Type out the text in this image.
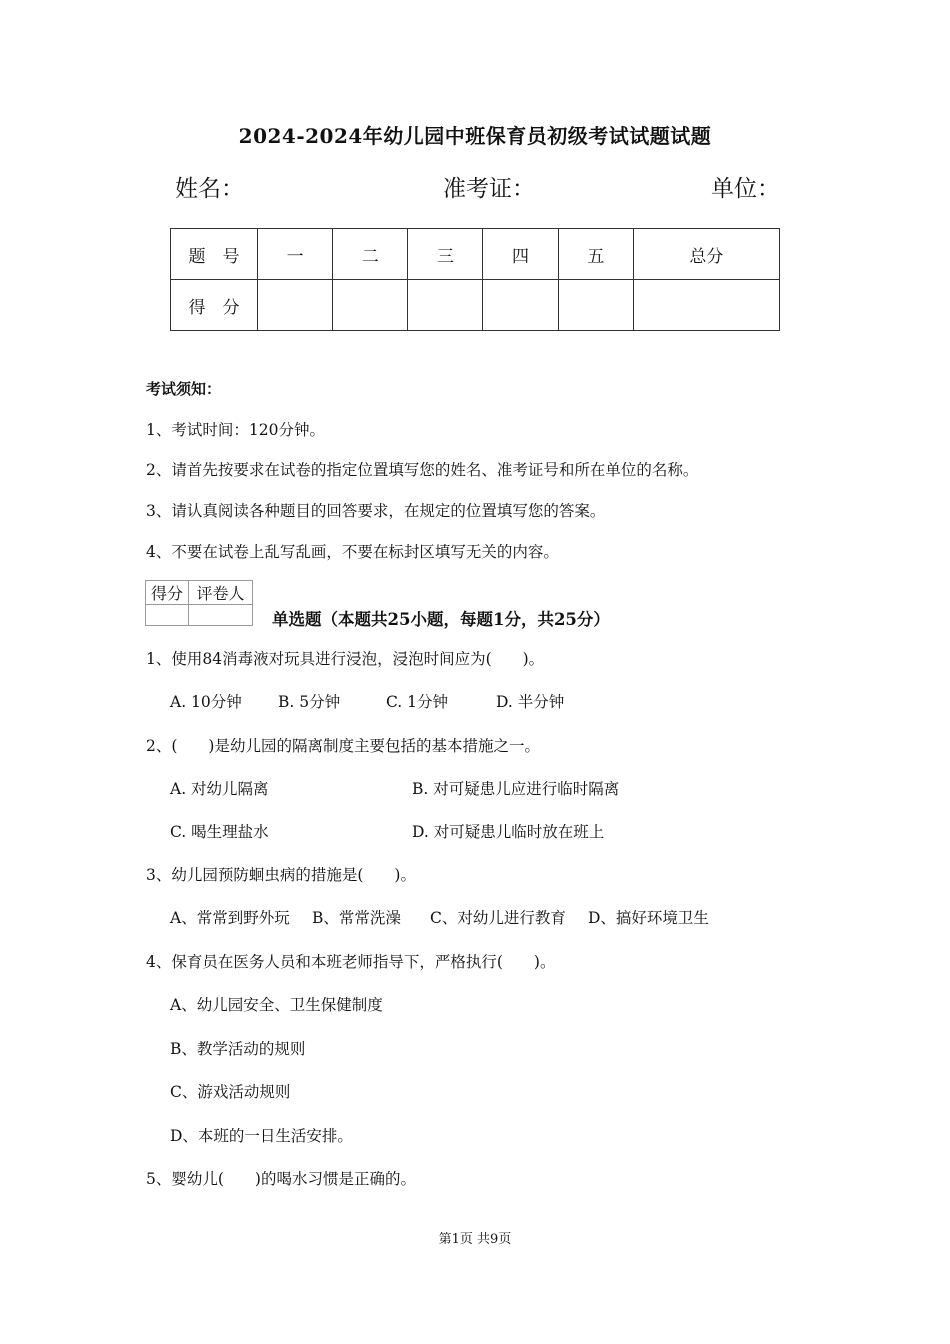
2024-2024年幼儿园中班保育员初级考试试题试题
姓名：	准考证：	单位：
题　号	一	二	三	四	五	总分
得　分						
考试须知：
1、考试时间：120分钟。
2、请首先按要求在试卷的指定位置填写您的姓名、准考证号和所在单位的名称。
3、请认真阅读各种题目的回答要求，在规定的位置填写您的答案。
4、不要在试卷上乱写乱画，不要在标封区填写无关的内容。
得分	评卷人

单选题（本题共25小题，每题1分，共25分）
1、使用84消毒液对玩具进行浸泡，浸泡时间应为(　　)。
A. 10分钟 B. 5分钟	C. 1分钟	D. 半分钟
2、(　　)是幼儿园的隔离制度主要包括的基本措施之一。
A. 对幼儿隔离	B. 对可疑患儿应进行临时隔离
C. 喝生理盐水	D. 对可疑患儿临时放在班上
3、幼儿园预防蛔虫病的措施是(　　)。
A、常常到野外玩 B、常常洗澡 C、对幼儿进行教育 D、搞好环境卫生
4、保育员在医务人员和本班老师指导下，严格执行(　　)。
A、幼儿园安全、卫生保健制度
B、教学活动的规则
C、游戏活动规则
D、本班的一日生活安排。
5、婴幼儿(　　)的喝水习惯是正确的。
第1页 共9页
